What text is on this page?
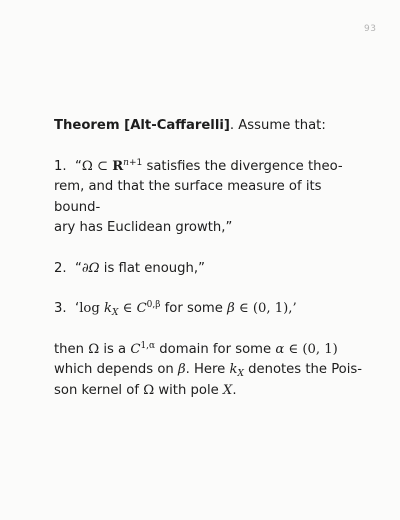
93

Theorem [Alt-Caffarelli]. Assume that:

1. “Ω ⊂ $R^{n+1}$ satisfies the divergence theo-
rem, and that the surface measure of its bound-
ary has Euclidean growth,”

2. “∂Ω is flat enough,”

3. ‘log $k_X$ ∈ $C^{0,\beta}$ for some β ∈ (0, 1),’

then Ω is a $C^{1,\alpha}$ domain for some α ∈ (0, 1)
which depends on β. Here $k_X$ denotes the Pois-
son kernel of Ω with pole X.
